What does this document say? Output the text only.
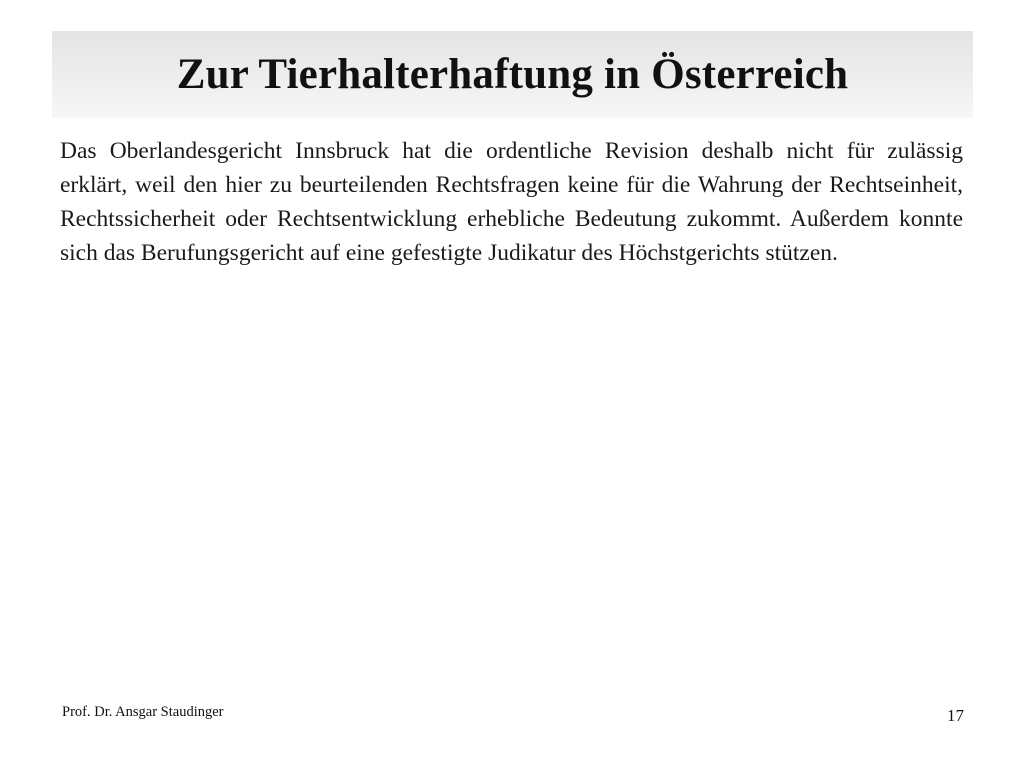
Zur Tierhalterhaftung in Österreich

Das Oberlandesgericht Innsbruck hat die ordentliche Revision deshalb nicht für zulässig erklärt, weil den hier zu beurteilenden Rechtsfragen keine für die Wahrung der Rechtseinheit, Rechtssicherheit oder Rechtsentwicklung erhebliche Bedeutung zukommt. Außerdem konnte sich das Berufungsgericht auf eine gefestigte Judikatur des Höchstgerichts stützen.

Prof. Dr. Ansgar Staudinger	17
